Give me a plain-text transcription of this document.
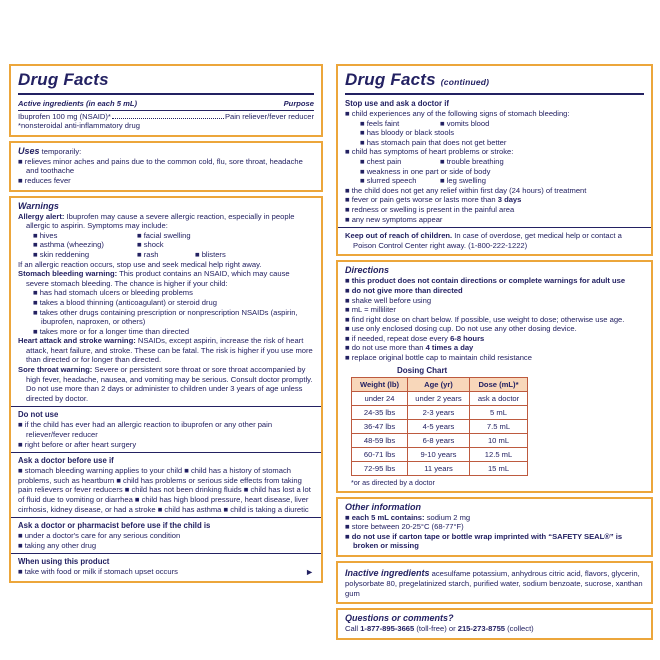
Drug Facts
Active ingredients (in each 5 mL)	Purpose
Ibuprofen 100 mg (NSAID)*	Pain reliever/fever reducer
*nonsteroidal anti-inflammatory drug
Uses temporarily:
■ relieves minor aches and pains due to the common cold, flu, sore throat, headache and toothache
■ reduces fever
Warnings
Allergy alert: Ibuprofen may cause a severe allergic reaction, especially in people allergic to aspirin. Symptoms may include:
■ hives	■ facial swelling
■ asthma (wheezing)	■ shock
■ skin reddening	■ rash	■ blisters
If an allergic reaction occurs, stop use and seek medical help right away.
Stomach bleeding warning: This product contains an NSAID, which may cause severe stomach bleeding. The chance is higher if your child:
■ has had stomach ulcers or bleeding problems
■ takes a blood thinning (anticoagulant) or steroid drug
■ takes other drugs containing prescription or nonprescription NSAIDs (aspirin, ibuprofen, naproxen, or others)
■ takes more or for a longer time than directed
Heart attack and stroke warning: NSAIDs, except aspirin, increase the risk of heart attack, heart failure, and stroke. These can be fatal. The risk is higher if you use more than directed or for longer than directed.
Sore throat warning: Severe or persistent sore throat or sore throat accompanied by high fever, headache, nausea, and vomiting may be serious. Consult doctor promptly. Do not use more than 2 days or administer to children under 3 years of age unless directed by doctor.
Do not use
■ if the child has ever had an allergic reaction to ibuprofen or any other pain reliever/fever reducer
■ right before or after heart surgery
Ask a doctor before use if
■ stomach bleeding warning applies to your child ■ child has a history of stomach problems, such as heartburn ■ child has problems or serious side effects from taking pain relievers or fever reducers ■ child has not been drinking fluids ■ child has lost a lot of fluid due to vomiting or diarrhea ■ child has high blood pressure, heart disease, liver cirrhosis, kidney disease, or had a stroke ■ child has asthma ■ child is taking a diuretic
Ask a doctor or pharmacist before use if the child is
■ under a doctor's care for any serious condition
■ taking any other drug
When using this product
■ take with food or milk if stomach upset occurs	►
Drug Facts (continued)
Stop use and ask a doctor if
■ child experiences any of the following signs of stomach bleeding:
■ feels faint	■ vomits blood
■ has bloody or black stools
■ has stomach pain that does not get better
■ child has symptoms of heart problems or stroke:
■ chest pain	■ trouble breathing
■ weakness in one part or side of body
■ slurred speech	■ leg swelling
■ the child does not get any relief within first day (24 hours) of treatment
■ fever or pain gets worse or lasts more than 3 days
■ redness or swelling is present in the painful area
■ any new symptoms appear
Keep out of reach of children. In case of overdose, get medical help or contact a Poison Control Center right away. (1-800-222-1222)
Directions
■ this product does not contain directions or complete warnings for adult use
■ do not give more than directed
■ shake well before using
■ mL = milliliter
■ find right dose on chart below. If possible, use weight to dose; otherwise use age.
■ use only enclosed dosing cup. Do not use any other dosing device.
■ if needed, repeat dose every 6-8 hours
■ do not use more than 4 times a day
■ replace original bottle cap to maintain child resistance
Dosing Chart
Weight (lb)	Age (yr)	Dose (mL)*
under 24	under 2 years	ask a doctor
24-35 lbs	2-3 years	5 mL
36-47 lbs	4-5 years	7.5 mL
48-59 lbs	6-8 years	10 mL
60-71 lbs	9-10 years	12.5 mL
72-95 lbs	11 years	15 mL
*or as directed by a doctor
Other information
■ each 5 mL contains: sodium 2 mg
■ store between 20-25°C (68-77°F)
■ do not use if carton tape or bottle wrap imprinted with “SAFETY SEAL®” is broken or missing
Inactive ingredients acesulfame potassium, anhydrous citric acid, flavors, glycerin, polysorbate 80, pregelatinized starch, purified water, sodium benzoate, sucrose, xanthan gum
Questions or comments?
Call 1-877-895-3665 (toll-free) or 215-273-8755 (collect)
